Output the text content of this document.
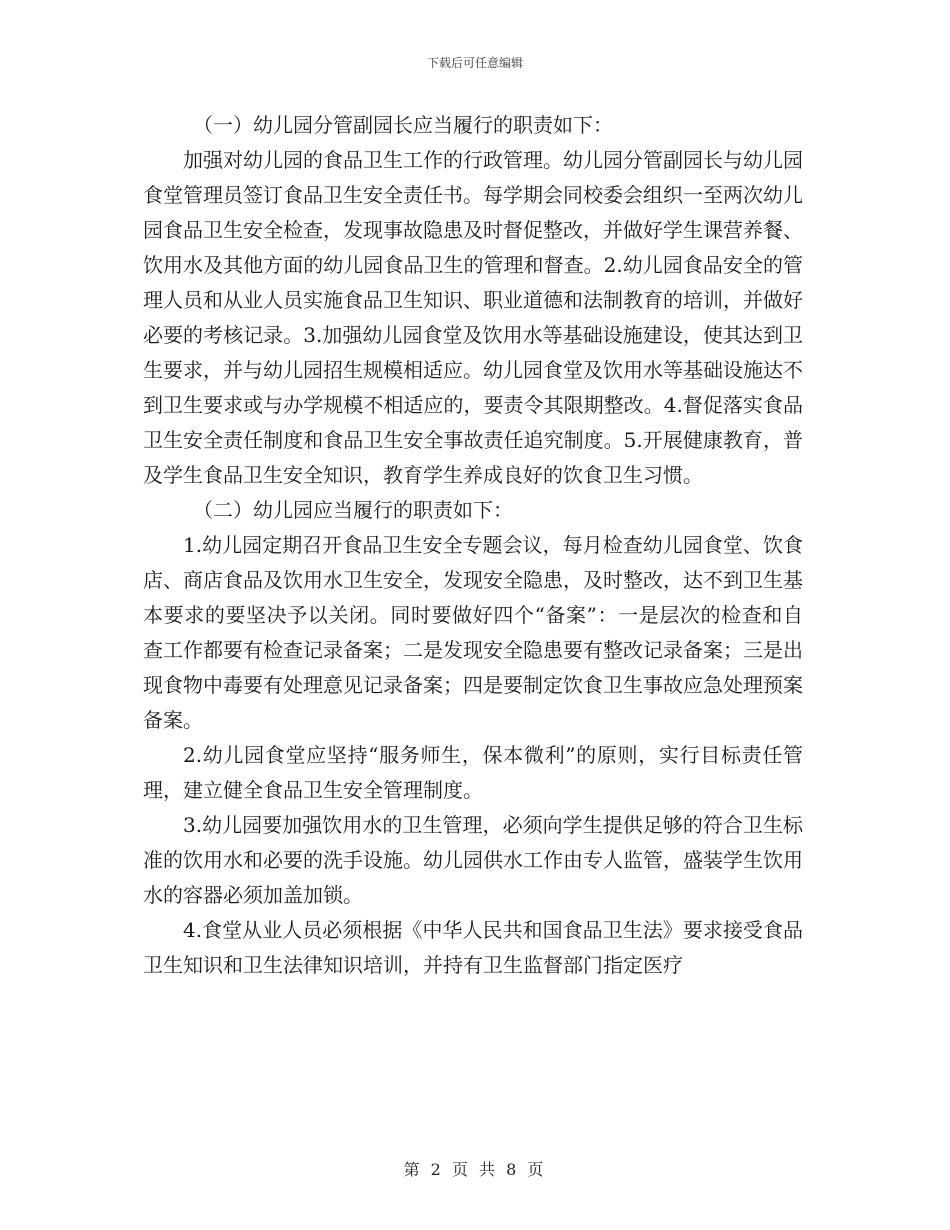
下载后可任意编辑

（一）幼儿园分管副园长应当履行的职责如下：

加强对幼儿园的食品卫生工作的行政管理。幼儿园分管副园长与幼儿园食堂管理员签订食品卫生安全责任书。每学期会同校委会组织一至两次幼儿园食品卫生安全检查，发现事故隐患及时督促整改，并做好学生课营养餐、饮用水及其他方面的幼儿园食品卫生的管理和督查。2.幼儿园食品安全的管理人员和从业人员实施食品卫生知识、职业道德和法制教育的培训，并做好必要的考核记录。3.加强幼儿园食堂及饮用水等基础设施建设，使其达到卫生要求，并与幼儿园招生规模相适应。幼儿园食堂及饮用水等基础设施达不到卫生要求或与办学规模不相适应的，要责令其限期整改。4.督促落实食品卫生安全责任制度和食品卫生安全事故责任追究制度。5.开展健康教育，普及学生食品卫生安全知识，教育学生养成良好的饮食卫生习惯。

（二）幼儿园应当履行的职责如下：

1.幼儿园定期召开食品卫生安全专题会议，每月检查幼儿园食堂、饮食店、商店食品及饮用水卫生安全，发现安全隐患，及时整改，达不到卫生基本要求的要坚决予以关闭。同时要做好四个“备案”：一是层次的检查和自查工作都要有检查记录备案；二是发现安全隐患要有整改记录备案；三是出现食物中毒要有处理意见记录备案；四是要制定饮食卫生事故应急处理预案备案。

2.幼儿园食堂应坚持“服务师生，保本微利”的原则，实行目标责任管理，建立健全食品卫生安全管理制度。

3.幼儿园要加强饮用水的卫生管理，必须向学生提供足够的符合卫生标准的饮用水和必要的洗手设施。幼儿园供水工作由专人监管，盛装学生饮用水的容器必须加盖加锁。

4.食堂从业人员必须根据《中华人民共和国食品卫生法》要求接受食品卫生知识和卫生法律知识培训，并持有卫生监督部门指定医疗

第 2 页 共 8 页
